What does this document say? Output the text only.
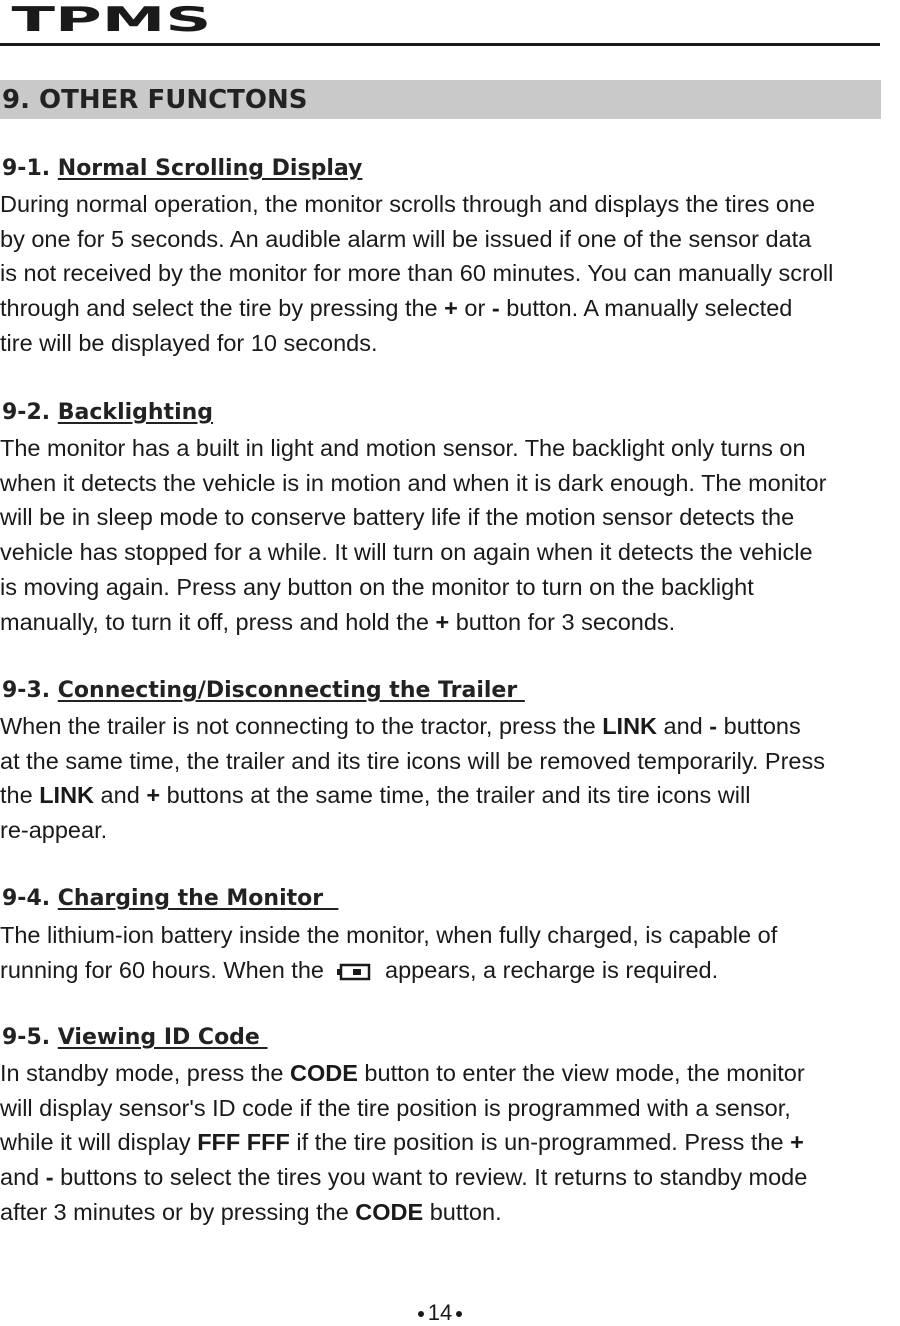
TPMS
9. OTHER FUNCTONS
9-1. Normal Scrolling Display

During normal operation, the monitor scrolls through and displays the tires one
by one for 5 seconds. An audible alarm will be issued if one of the sensor data
is not received by the monitor for more than 60 minutes. You can manually scroll
through and select the tire by pressing the + or - button. A manually selected
tire will be displayed for 10 seconds.

9-2. Backlighting

The monitor has a built in light and motion sensor. The backlight only turns on
when it detects the vehicle is in motion and when it is dark enough. The monitor
will be in sleep mode to conserve battery life if the motion sensor detects the
vehicle has stopped for a while. It will turn on again when it detects the vehicle
is moving again. Press any button on the monitor to turn on the backlight
manually, to turn it off, press and hold the + button for 3 seconds.

9-3. Connecting/Disconnecting the Trailer

When the trailer is not connecting to the tractor, press the LINK and - buttons
at the same time, the trailer and its tire icons will be removed temporarily. Press
the LINK and + buttons at the same time, the trailer and its tire icons will
re-appear.

9-4. Charging the Monitor

The lithium-ion battery inside the monitor, when fully charged, is capable of
running for 60 hours. When the  appears, a recharge is required.

9-5. Viewing ID Code

In standby mode, press the CODE button to enter the view mode, the monitor
will display sensor's ID code if the tire position is programmed with a sensor,
while it will display FFF FFF if the tire position is un-programmed. Press the +
and - buttons to select the tires you want to review. It returns to standby mode
after 3 minutes or by pressing the CODE button.

14
